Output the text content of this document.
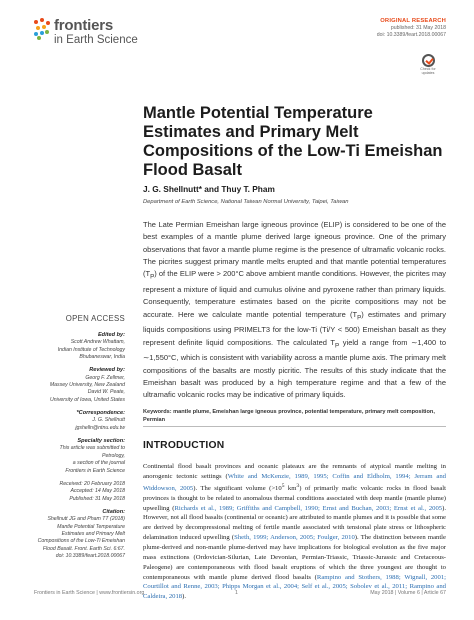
frontiers
in Earth Science
ORIGINAL RESEARCH
published: 31 May 2018
doi: 10.3389/feart.2018.00067
Check for updates
Mantle Potential Temperature Estimates and Primary Melt Compositions of the Low-Ti Emeishan Flood Basalt
J. G. Shellnutt* and Thuy T. Pham
Department of Earth Science, National Taiwan Normal University, Taipei, Taiwan
The Late Permian Emeishan large igneous province (ELIP) is considered to be one of the best examples of a mantle plume derived large igneous province. One of the primary observations that favor a mantle plume regime is the presence of ultramafic volcanic rocks. The picrites suggest primary mantle melts erupted and that mantle potential temperatures $(T_P)$ of the ELIP were > 200°C above ambient mantle conditions. However, the picrites may represent a mixture of liquid and cumulus olivine and pyroxene rather than primary liquids. Consequently, temperature estimates based on the picrite compositions may not be accurate. Here we calculate mantle potential temperature $(T_P)$ estimates and primary liquids compositions using PRIMELT3 for the low-Ti (Ti/Y < 500) Emeishan basalt as they represent definite liquid compositions. The calculated $T_P$ yield a range from ∼1,400 to ∼1,550°C, which is consistent with variability across a mantle plume axis. The primary melt compositions of the basalts are mostly picritic. The results of this study indicate that the Emeishan basalt was produced by a high temperature regime and that a few of the ultramafic volcanic rocks may be indicative of primary liquids.
Keywords: mantle plume, Emeishan large igneous province, potential temperature, primary melt composition, Permian
OPEN ACCESS
Edited by:
Scott Andrew Whattam,
Indian Institute of Technology
Bhubaneswar, India
Reviewed by:
Georg F. Zellmer,
Massey University, New Zealand
David W. Peate,
University of Iowa, United States
*Correspondence:
J. G. Shellnutt
jgshelln@ntnu.edu.tw
Specialty section:
This article was submitted to
Petrology,
a section of the journal
Frontiers in Earth Science
Received: 20 February 2018
Accepted: 14 May 2018
Published: 31 May 2018
Citation:
Shellnutt JG and Pham TT (2018)
Mantle Potential Temperature
Estimates and Primary Melt
Compositions of the Low-Ti Emeishan
Flood Basalt. Front. Earth Sci. 6:67.
doi: 10.3389/feart.2018.00067
INTRODUCTION
Continental flood basalt provinces and oceanic plateaux are the remnants of atypical mantle melting in anorogenic tectonic settings (White and McKenzie, 1989, 1995; Coffin and Eldholm, 1994; Jerram and Widdowson, 2005). The significant volume ($>10^5$ $km^3$) of primarily mafic volcanic rocks in flood basalt provinces is thought to be related to anomalous thermal conditions associated with deep mantle (mantle plume) upwelling (Richards et al., 1989; Griffiths and Campbell, 1990; Ernst and Buchan, 2003; Ernst et al., 2005). However, not all flood basalts (continental or oceanic) are attributed to mantle plumes and it is possible that some are derived by decompressional melting of fertile mantle associated with tensional plate stress or lithospheric delamination induced upwelling (Sheth, 1999; Anderson, 2005; Foulger, 2010). The distinction between mantle plume-derived and non-mantle plume-derived may have implications for biological evolution as the five major mass extinctions (Ordovician-Silurian, Late Devonian, Permian-Triassic, Triassic-Jurassic and Cretaceous-Paleogene) are contemporaneous with flood basalt eruptions of which the three youngest are thought to contemporaneous with mantle plume derived flood basalts (Rampino and Stothers, 1988; Wignall, 2001; Courtillot and Renne, 2003; Phipps Morgan et al., 2004; Self et al., 2005; Sobolev et al., 2011; Rampino and Caldeira, 2018).
Frontiers in Earth Science | www.frontiersin.org	1	May 2018 | Volume 6 | Article 67
